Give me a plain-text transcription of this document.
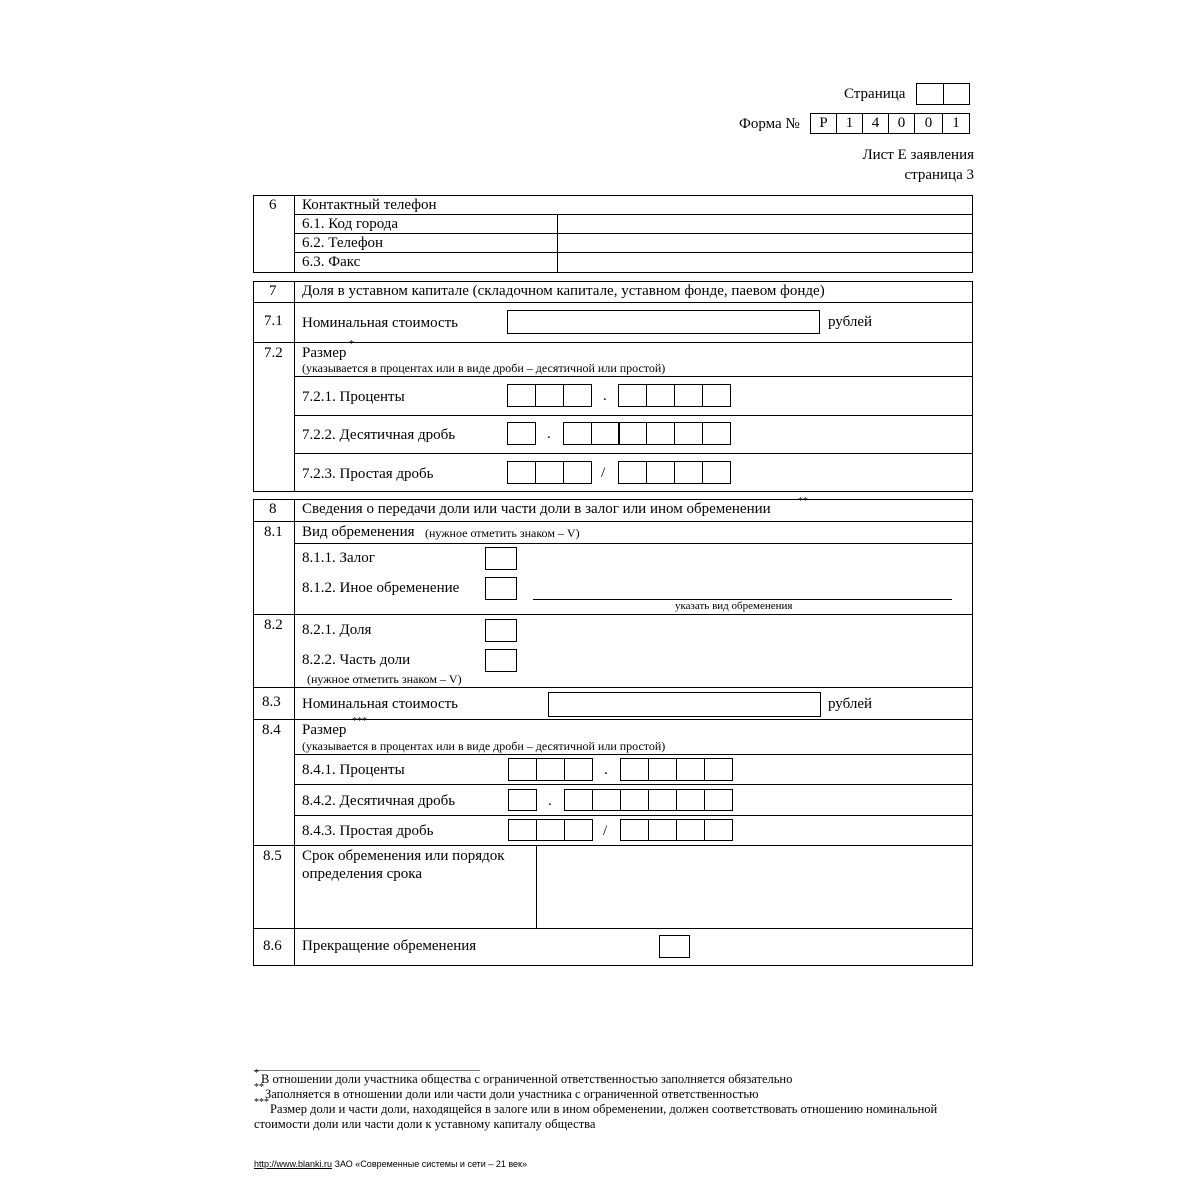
Страница
Форма №	Р	1	4	0	0	1
Лист Е заявления
страница 3
6 Контактный телефон
6.1. Код города
6.2. Телефон
6.3. Факс
7 Доля в уставном капитале (складочном капитале, уставном фонде, паевом фонде)
7.1 Номинальная стоимость	рублей
7.2 Размер
*
(указывается в процентах или в виде дроби – десятичной или простой)
7.2.1. Проценты	.
7.2.2. Десятичная дробь	.
7.2.3. Простая дробь	/
8 Сведения о передачи доли или части доли в залог или ином обременении	**
8.1 Вид обременения (нужное отметить знаком – V)
8.1.1. Залог
8.1.2. Иное обременение
указать вид обременения
8.2 8.2.1. Доля
8.2.2. Часть доли
(нужное отметить знаком – V)
8.3 Номинальная стоимость	рублей
8.4 Размер
***
(указывается в процентах или в виде дроби – десятичной или простой)
8.4.1. Проценты	.
8.4.2. Десятичная дробь	.
8.4.3. Простая дробь	/
8.5 Срок обременения или порядок
определения срока
8.6 Прекращение обременения
* В отношении доли участника общества с ограниченной ответственностью заполняется обязательно
** Заполняется в отношении доли или части доли участника с ограниченной ответственностью
*** Размер доли и части доли, находящейся в залоге или в ином обременении, должен соответствовать отношению номинальной
стоимости доли или части доли к уставному капиталу общества
http://www.blanki.ru ЗАО «Современные системы и сети – 21 век»
